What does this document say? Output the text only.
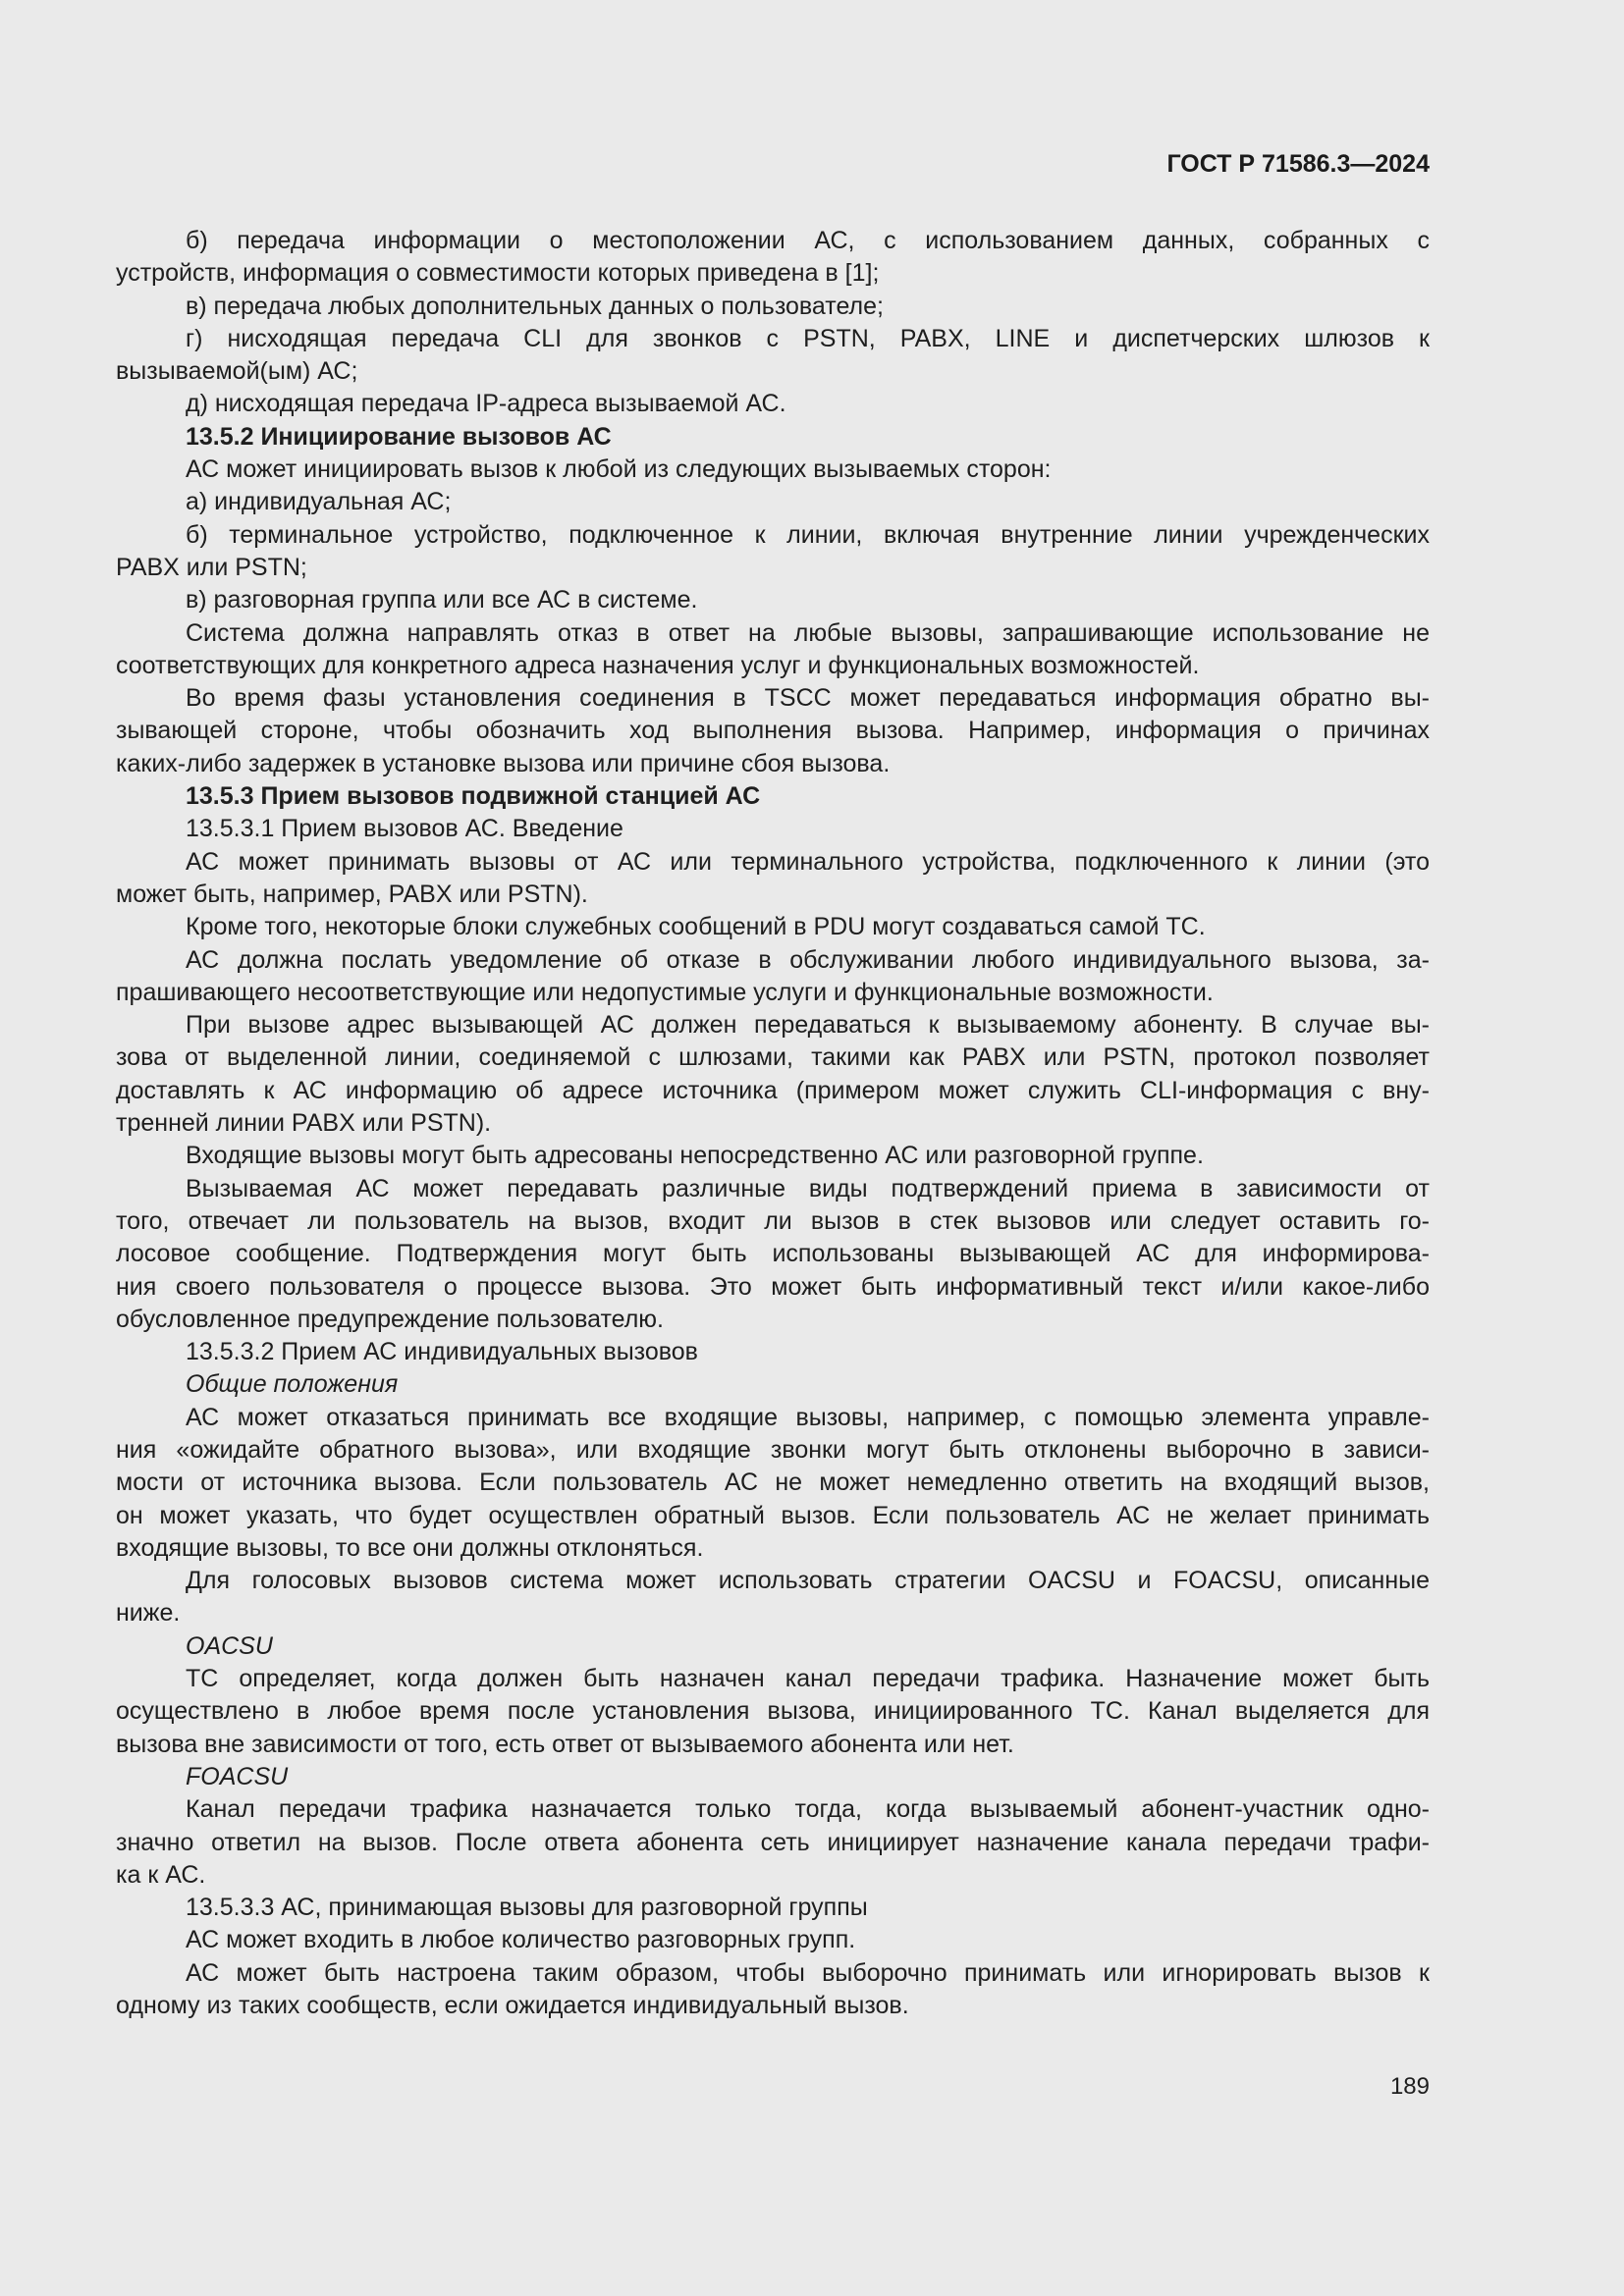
ГОСТ Р 71586.3—2024

б) передача информации о местоположении АС, с использованием данных, собранных с

устройств, информация о совместимости которых приведена в [1];

в) передача любых дополнительных данных о пользователе;

г) нисходящая передача CLI для звонков с PSTN, PABX, LINE и диспетчерских шлюзов к

вызываемой(ым) АС;

д) нисходящая передача IP-адреса вызываемой АС.

13.5.2 Инициирование вызовов АС

АС может инициировать вызов к любой из следующих вызываемых сторон:

а) индивидуальная АС;

б) терминальное устройство, подключенное к линии, включая внутренние линии учрежденческих

PABX или PSTN;

в) разговорная группа или все АС в системе.

Система должна направлять отказ в ответ на любые вызовы, запрашивающие использование не

соответствующих для конкретного адреса назначения услуг и функциональных возможностей.

Во время фазы установления соединения в TSCC может передаваться информация обратно вы-

зывающей стороне, чтобы обозначить ход выполнения вызова. Например, информация о причинах

каких-либо задержек в установке вызова или причине сбоя вызова.

13.5.3 Прием вызовов подвижной станцией АС

13.5.3.1 Прием вызовов АС. Введение

АС может принимать вызовы от АС или терминального устройства, подключенного к линии (это

может быть, например, PABX или PSTN).

Кроме того, некоторые блоки служебных сообщений в PDU могут создаваться самой ТС.

АС должна послать уведомление об отказе в обслуживании любого индивидуального вызова, за-

прашивающего несоответствующие или недопустимые услуги и функциональные возможности.

При вызове адрес вызывающей АС должен передаваться к вызываемому абоненту. В случае вы-

зова от выделенной линии, соединяемой с шлюзами, такими как PABX или PSTN, протокол позволяет

доставлять к АС информацию об адресе источника (примером может служить CLI-информация с вну-

тренней линии PABX или PSTN).

Входящие вызовы могут быть адресованы непосредственно АС или разговорной группе.

Вызываемая АС может передавать различные виды подтверждений приема в зависимости от

того, отвечает ли пользователь на вызов, входит ли вызов в стек вызовов или следует оставить го-

лосовое сообщение. Подтверждения могут быть использованы вызывающей АС для информирова-

ния своего пользователя о процессе вызова. Это может быть информативный текст и/или какое-либо

обусловленное предупреждение пользователю.

13.5.3.2 Прием АС индивидуальных вызовов

Общие положения

АС может отказаться принимать все входящие вызовы, например, с помощью элемента управле-

ния «ожидайте обратного вызова», или входящие звонки могут быть отклонены выборочно в зависи-

мости от источника вызова. Если пользователь АС не может немедленно ответить на входящий вызов,

он может указать, что будет осуществлен обратный вызов. Если пользователь АС не желает принимать

входящие вызовы, то все они должны отклоняться.

Для голосовых вызовов система может использовать стратегии OACSU и FOACSU, описанные

ниже.

OACSU

ТС определяет, когда должен быть назначен канал передачи трафика. Назначение может быть

осуществлено в любое время после установления вызова, инициированного ТС. Канал выделяется для

вызова вне зависимости от того, есть ответ от вызываемого абонента или нет.

FOACSU

Канал передачи трафика назначается только тогда, когда вызываемый абонент-участник одно-

значно ответил на вызов. После ответа абонента сеть инициирует назначение канала передачи трафи-

ка к АС.

13.5.3.3 АС, принимающая вызовы для разговорной группы

АС может входить в любое количество разговорных групп.

АС может быть настроена таким образом, чтобы выборочно принимать или игнорировать вызов к

одному из таких сообществ, если ожидается индивидуальный вызов.

189
